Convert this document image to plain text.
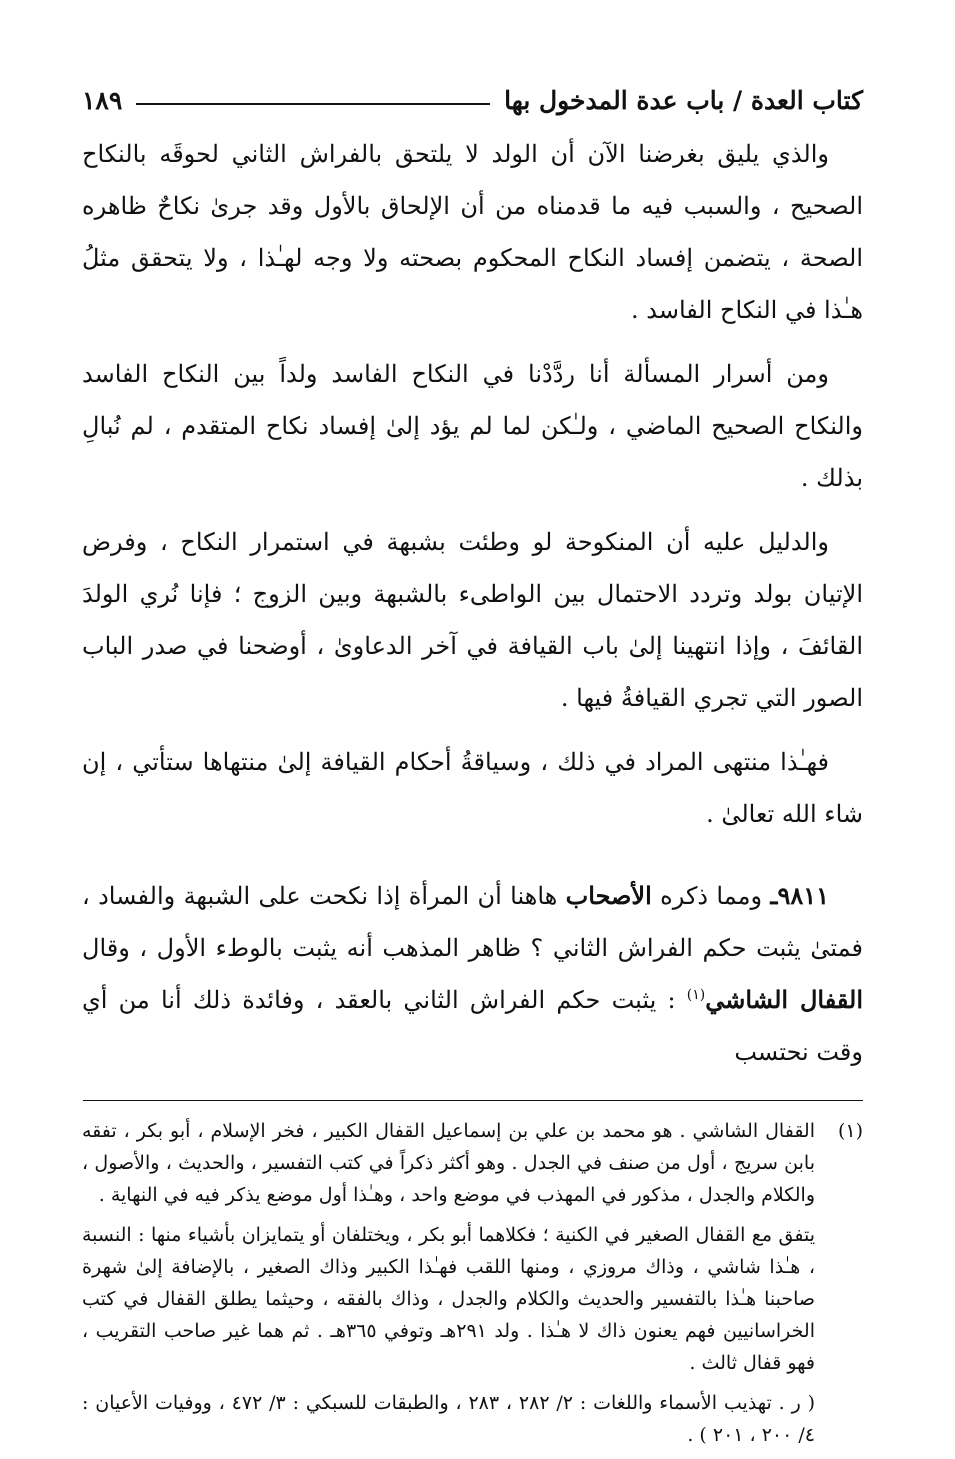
كتاب العدة / باب عدة المدخول بها
١٨٩

والذي يليق بغرضنا الآن أن الولد لا يلتحق بالفراش الثاني لحوقَه بالنكاح الصحيح ، والسبب فيه ما قدمناه من أن الإلحاق بالأول وقد جرىٰ نكاحٌ ظاهره الصحة ، يتضمن إفساد النكاح المحكوم بصحته ولا وجه لهـٰذا ، ولا يتحقق مثلُ هـٰذا في النكاح الفاسد .

ومن أسرار المسألة أنا ردَّدْنا في النكاح الفاسد ولداً بين النكاح الفاسد والنكاح الصحيح الماضي ، ولـٰكن لما لم يؤد إلىٰ إفساد نكاح المتقدم ، لم نُبالِ بذلك .

والدليل عليه أن المنكوحة لو وطئت بشبهة في استمرار النكاح ، وفرض الإتيان بولد وتردد الاحتمال بين الواطىء بالشبهة وبين الزوج ؛ فإنا نُري الولدَ القائفَ ، وإذا انتهينا إلىٰ باب القيافة في آخر الدعاوىٰ ، أوضحنا في صدر الباب الصور التي تجري القيافةُ فيها .

فهـٰذا منتهى المراد في ذلك ، وسياقةُ أحكام القيافة إلىٰ منتهاها ستأتي ، إن شاء الله تعالىٰ .

٩٨١١ـ ومما ذكره الأصحاب هاهنا أن المرأة إذا نكحت على الشبهة والفساد ، فمتىٰ يثبت حكم الفراش الثاني ؟ ظاهر المذهب أنه يثبت بالوطء الأول ، وقال القفال الشاشي$^{(١)}$ : يثبت حكم الفراش الثاني بالعقد ، وفائدة ذلك أنا من أي وقت نحتسب

(١)

القفال الشاشي . هو محمد بن علي بن إسماعيل القفال الكبير ، فخر الإسلام ، أبو بكر ، تفقه بابن سريج ، أول من صنف في الجدل . وهو أكثر ذكراً في كتب التفسير ، والحديث ، والأصول ، والكلام والجدل ، مذكور في المهذب في موضع واحد ، وهـٰذا أول موضع يذكر فيه في النهاية .

يتفق مع القفال الصغير في الكنية ؛ فكلاهما أبو بكر ، ويختلفان أو يتمايزان بأشياء منها : النسبة ، هـٰذا شاشي ، وذاك مروزي ، ومنها اللقب فهـٰذا الكبير وذاك الصغير ، بالإضافة إلىٰ شهرة صاحبنا هـٰذا بالتفسير والحديث والكلام والجدل ، وذاك بالفقه ، وحيثما يطلق القفال في كتب الخراسانيين فهم يعنون ذاك لا هـٰذا . ولد ٢٩١هـ وتوفي ٣٦٥هـ . ثم هما غير صاحب التقريب ، فهو قفال ثالث .

( ر . تهذيب الأسماء واللغات : ٢/ ٢٨٢ ، ٢٨٣ ، والطبقات للسبكي : ٣/ ٤٧٢ ، ووفيات الأعيان : ٤/ ٢٠٠ ، ٢٠١ ) .
